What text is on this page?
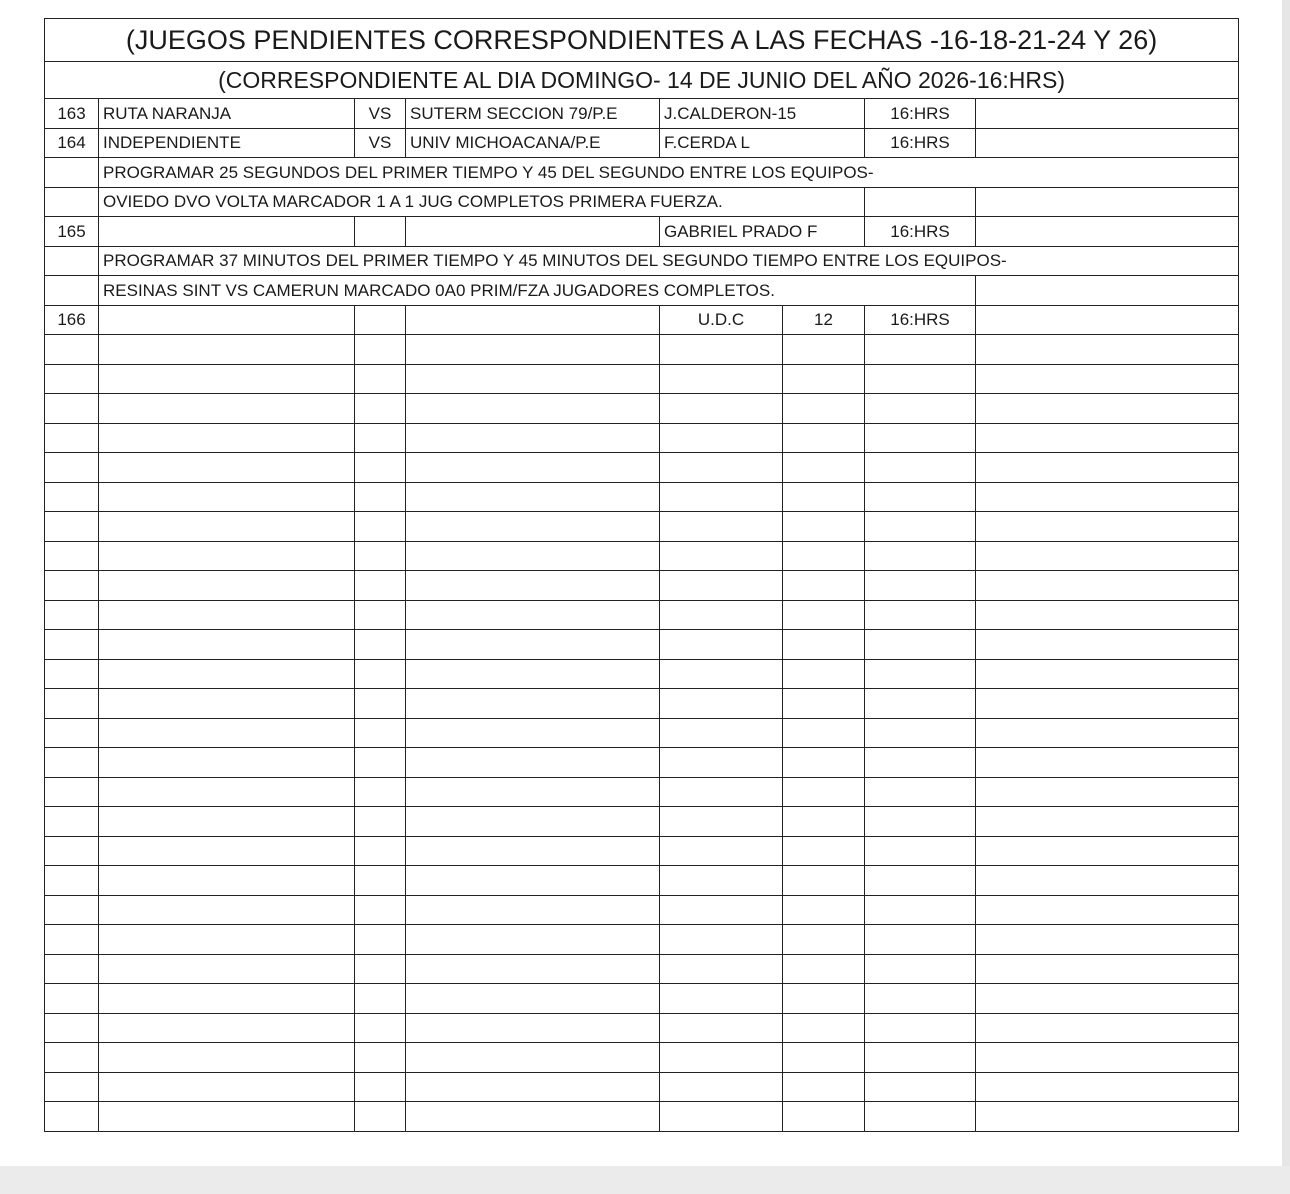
(JUEGOS PENDIENTES CORRESPONDIENTES A LAS FECHAS -16-18-21-24 Y 26)							
(CORRESPONDIENTE AL DIA DOMINGO- 14 DE JUNIO DEL AÑO 2026-16:HRS)							
163	RUTA NARANJA	VS	SUTERM SECCION 79/P.E	J.CALDERON-15		16:HRS	
164	INDEPENDIENTE	VS	UNIV MICHOACANA/P.E	F.CERDA L		16:HRS	
	PROGRAMAR 25 SEGUNDOS DEL PRIMER TIEMPO Y 45 DEL SEGUNDO ENTRE LOS EQUIPOS-						
	OVIEDO DVO VOLTA MARCADOR 1 A 1 JUG COMPLETOS PRIMERA FUERZA.						
165				GABRIEL PRADO F		16:HRS	
	PROGRAMAR 37 MINUTOS DEL PRIMER TIEMPO Y 45 MINUTOS DEL SEGUNDO TIEMPO ENTRE LOS EQUIPOS-						
	RESINAS SINT VS CAMERUN MARCADO 0A0 PRIM/FZA JUGADORES COMPLETOS.						
166				U.D.C	12	16:HRS	
